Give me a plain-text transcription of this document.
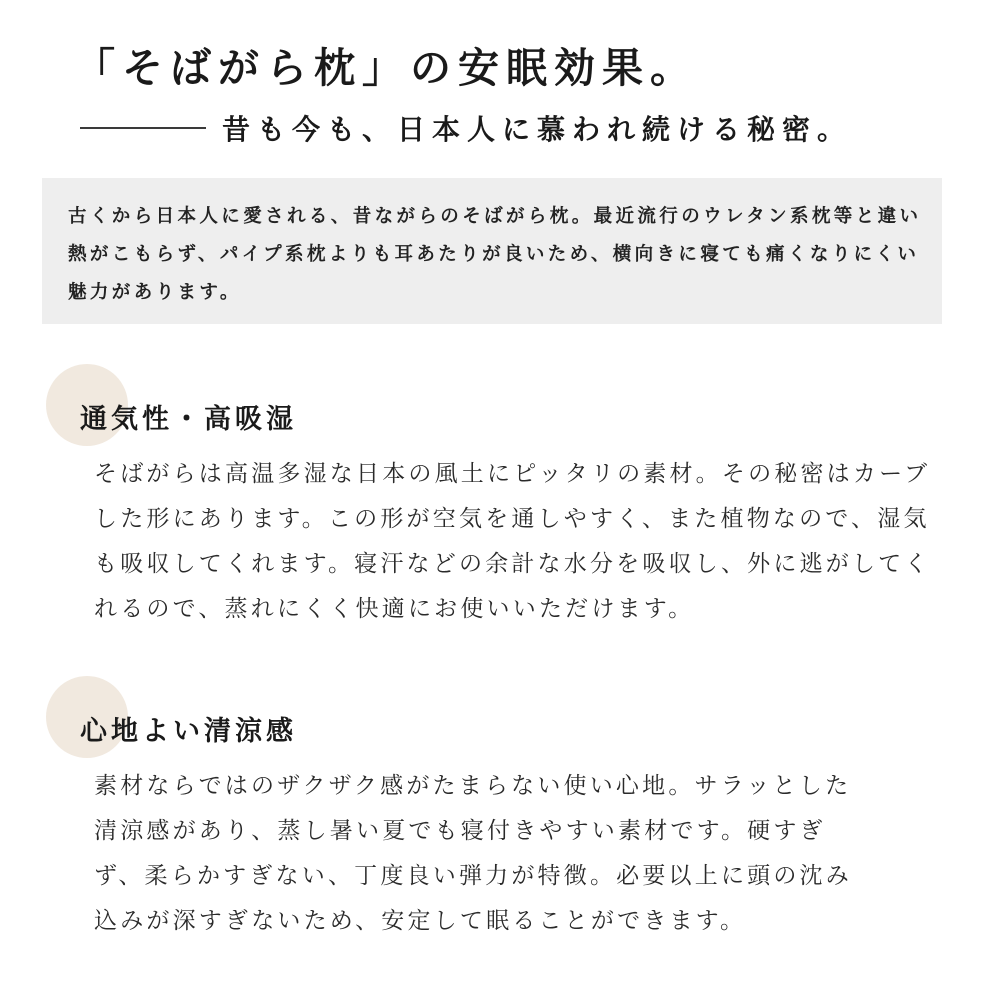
「そばがら枕」の安眠効果。
昔も今も、日本人に慕われ続ける秘密。

古くから日本人に愛される、昔ながらのそばがら枕。最近流行のウレタン系枕等と違い熱がこもらず、パイプ系枕よりも耳あたりが良いため、横向きに寝ても痛くなりにくい魅力があります。

通気性・高吸湿

そばがらは高温多湿な日本の風土にピッタリの素材。その秘密はカーブした形にあります。この形が空気を通しやすく、また植物なので、湿気も吸収してくれます。寝汗などの余計な水分を吸収し、外に逃がしてくれるので、蒸れにくく快適にお使いいただけます。

心地よい清涼感

素材ならではのザクザク感がたまらない使い心地。サラッとした清涼感があり、蒸し暑い夏でも寝付きやすい素材です。硬すぎず、柔らかすぎない、丁度良い弾力が特徴。必要以上に頭の沈み込みが深すぎないため、安定して眠ることができます。
